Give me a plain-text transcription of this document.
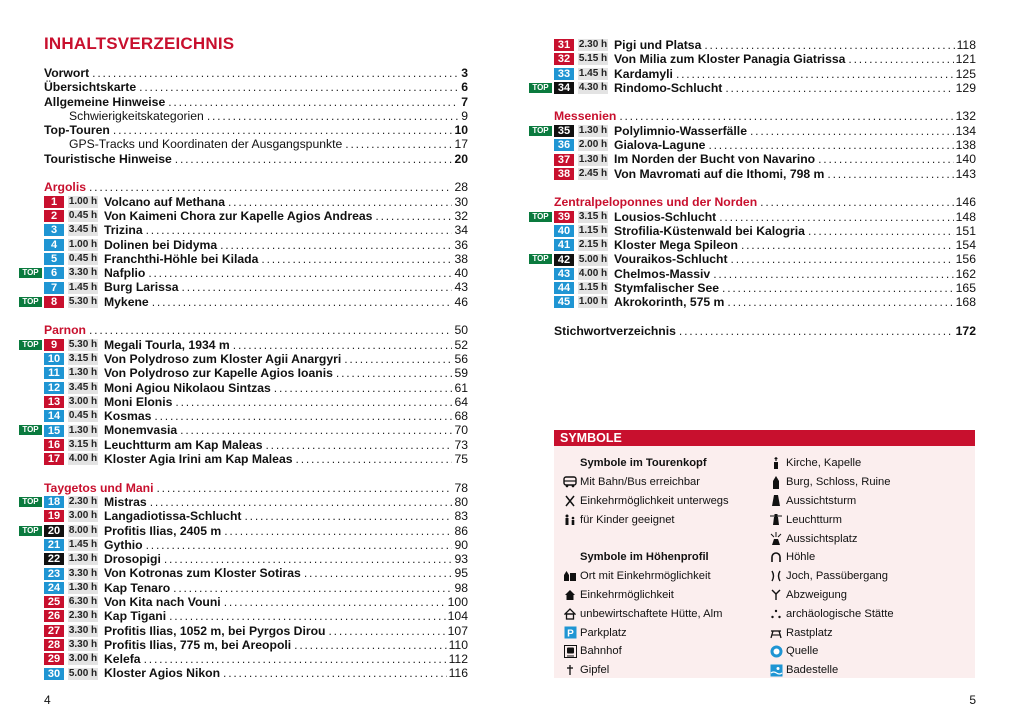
INHALTSVERZEICHNIS
Vorwort . . .	3
Übersichtskarte . . .	6
Allgemeine Hinweise . . .	7
Schwierigkeitskategorien . . .	9
Top-Touren . . .	10
GPS-Tracks und Koordinaten der Ausgangspunkte . . .	17
Touristische Hinweise . . .	20
Argolis . . .	28
1	1.00 h Volcano auf Methana . . .	30
2	0.45 h Von Kaimeni Chora zur Kapelle Agios Andreas . . .	32
3	3.45 h Trizina . . .	34
4	1.00 h Dolinen bei Didyma . . .	36
5	0.45 h Franchthi-Höhle bei Kilada . . .	38
TOP	6	3.30 h Nafplio . . .	40
7	1.45 h Burg Larissa . . .	43
TOP	8	5.30 h Mykene . . .	46
Parnon . . .	50
TOP	9	5.30 h Megali Tourla, 1934 m . . .	52
10 3.15 h Von Polydroso zum Kloster Agii Anargyri . . .	56
11 1.30 h Von Polydroso zur Kapelle Agios Ioanis . . .	59
12 3.45 h Moni Agiou Nikolaou Sintzas . . .	61
13 3.00 h Moni Elonis . . .	64
14 0.45 h Kosmas . . .	68
TOP 15 1.30 h Monemvasia . . .	70
16 3.15 h Leuchtturm am Kap Maleas . . .	73
17 4.00 h Kloster Agia Irini am Kap Maleas . . .	75
Taygetos und Mani . . .	78
TOP 18 2.30 h Mistras . . .	80
19 3.00 h Langadiotissa-Schlucht . . .	83
TOP 20 8.00 h Profitis Ilias, 2405 m . . .	86
21 1.45 h Gythio . . .	90
22 1.30 h Drosopigi . . .	93
23 3.30 h Von Kotronas zum Kloster Sotiras . . .	95
24 1.30 h Kap Tenaro . . .	98
25 6.30 h Von Kita nach Vouni . . .	100
26 2.30 h Kap Tigani . . .	104
27 3.30 h Profitis Ilias, 1052 m, bei Pyrgos Dirou . . .	107
28 3.30 h Profitis Ilias, 775 m, bei Areopoli . . .	110
29 3.00 h Kelefa . . .	112
30 5.00 h Kloster Agios Nikon . . .	116
31 2.30 h Pigi und Platsa . . .	118
32 5.15 h Von Milia zum Kloster Panagia Giatrissa . . .	121
33 1.45 h Kardamyli . . .	125
TOP 34 4.30 h Rindomo-Schlucht . . .	129
Messenien . . .	132
TOP 35 1.30 h Polylimnio-Wasserfälle . . .	134
36 2.00 h Gialova-Lagune . . .	138
37 1.30 h Im Norden der Bucht von Navarino . . .	140
38 2.45 h Von Mavromati auf die Ithomi, 798 m . . .	143
Zentralpeloponnes und der Norden . . .	146
TOP 39 3.15 h Lousios-Schlucht . . .	148
40 1.15 h Strofilia-Küstenwald bei Kalogria . . .	151
41 2.15 h Kloster Mega Spileon . . .	154
TOP 42 5.00 h Vouraikos-Schlucht . . .	156
43 4.00 h Chelmos-Massiv . . .	162
44 1.15 h Stymfalischer See . . .	165
45 1.00 h Akrokorinth, 575 m . . .	168
Stichwortverzeichnis . . .	172
SYMBOLE
Symbole im Tourenkopf
Mit Bahn/Bus erreichbar
Einkehrmöglichkeit unterwegs
für Kinder geeignet
Symbole im Höhenprofil
Ort mit Einkehrmöglichkeit
Einkehrmöglichkeit
unbewirtschaftete Hütte, Alm
P Parkplatz
Bahnhof
Gipfel
Kirche, Kapelle
Burg, Schloss, Ruine
Aussichtsturm
Leuchtturm
Aussichtsplatz
Höhle
Joch, Passübergang
Abzweigung
archäologische Stätte
Rastplatz
Quelle
Badestelle
4	5
